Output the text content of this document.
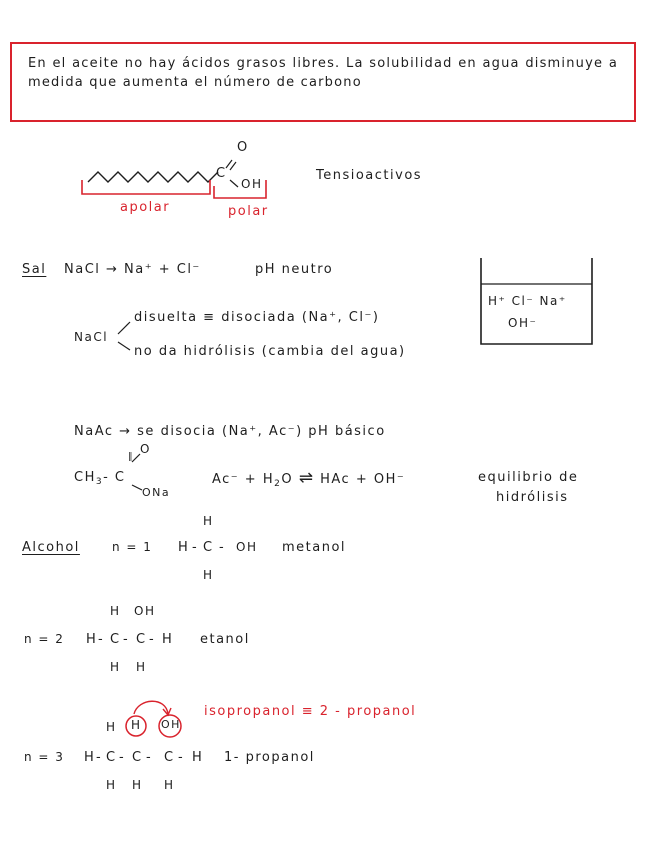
En el aceite no hay ácidos grasos libres. La solubilidad en agua disminuye a medida que aumenta el número de carbono
O
C
OH
Tensioactivos
apolar	polar
Sal NaCl → Na⁺ + Cl⁻	pH neutro
NaCl
disuelta ≡ disociada (Na⁺, Cl⁻)
no da hidrólisis (cambia del agua)
H⁺ Cl⁻ Na⁺
OH⁻
NaAc → se disocia (Na⁺, Ac⁻) pH básico
O
‖
$CH_3-$ C
ONa
$Ac^- + H_2O$ ⇌ HAc + OH⁻	equilibrio de
hidrólisis
Alcohol	n = 1
H
H - C - OH
H
metanol
n = 2
H OH
H - C - C - H
H H
etanol
isopropanol ≡ 2 - propanol
H H OH
n = 3 H - C - C - C - H
H H H
1- propanol
